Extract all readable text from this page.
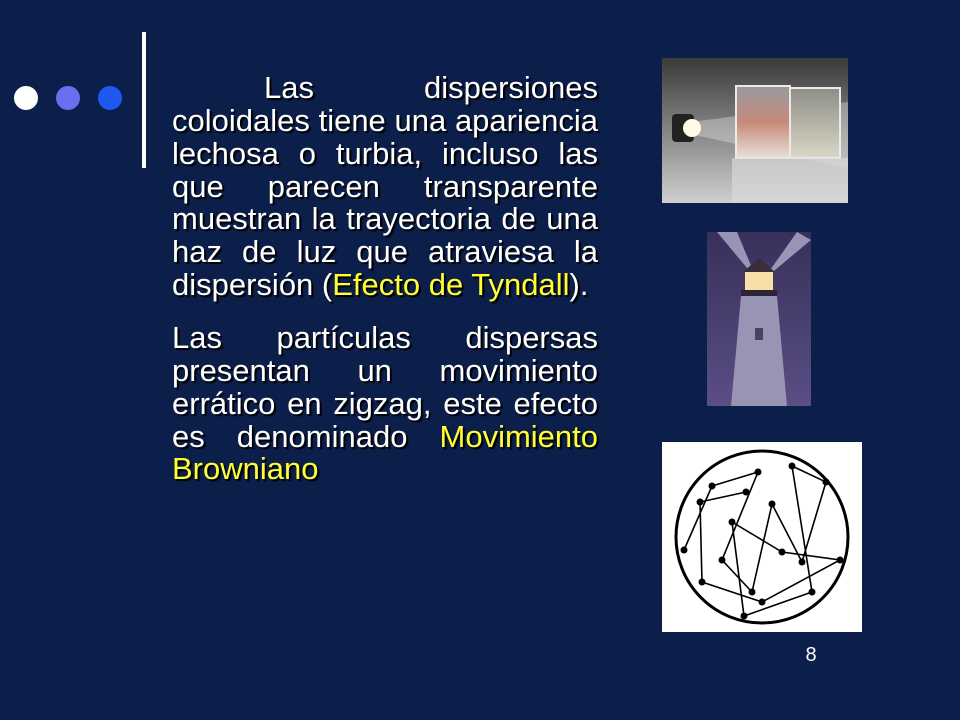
Las dispersiones coloidales tiene una apariencia lechosa o turbia, incluso las que parecen transparente muestran la trayectoria de una haz de luz que atraviesa la dispersión (Efecto de Tyndall).

Las partículas dispersas presentan un movimiento errático en zigzag, este efecto es denominado Movimiento Browniano

8
